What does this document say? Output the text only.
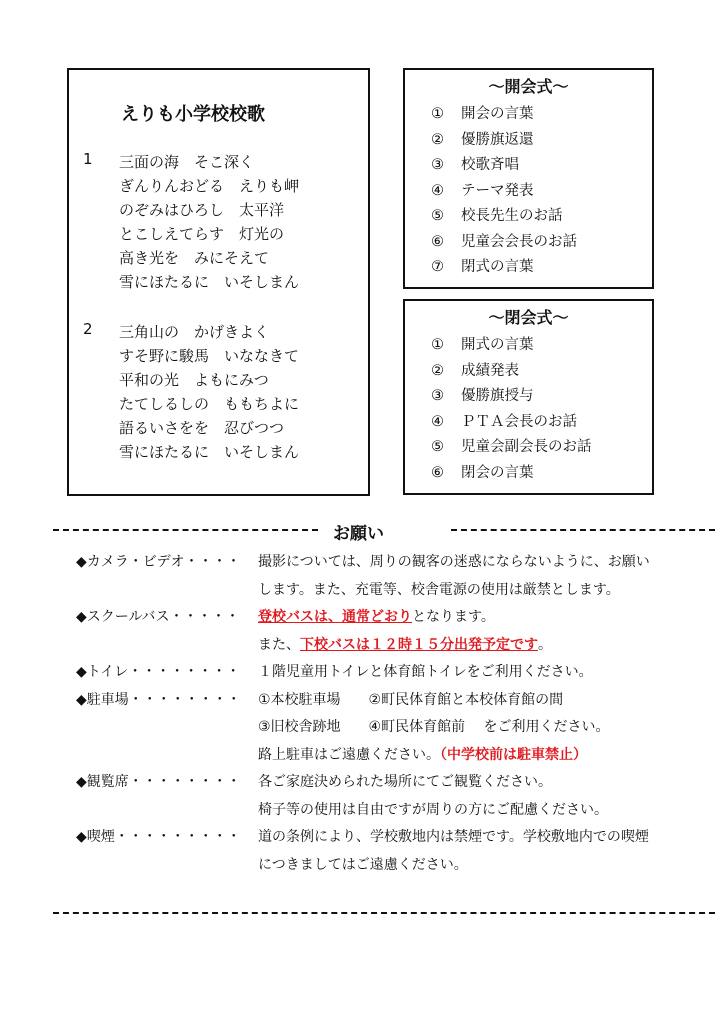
えりも小学校校歌
1 三面の海　そこ深く
ぎんりんおどる　えりも岬
のぞみはひろし　太平洋
とこしえてらす　灯光の
高き光を　みにそえて
雪にほたるに　いそしまん
2 三角山の　かげきよく
すそ野に駿馬　いななきて
平和の光　よもにみつ
たてしるしの　ももちよに
語るいさをを　忍びつつ
雪にほたるに　いそしまん
～開会式～
① 開会の言葉
② 優勝旗返還
③ 校歌斉唱
④ テーマ発表
⑤ 校長先生のお話
⑥ 児童会会長のお話
⑦ 閉式の言葉
～閉会式～
① 開式の言葉
② 成績発表
③ 優勝旗授与
④ ＰＴＡ会長のお話
⑤ 児童会副会長のお話
⑥ 閉会の言葉
お願い
◆カメラ・ビデオ・・・・ 撮影については、周りの観客の迷惑にならないように、お願い
します。また、充電等、校舎電源の使用は厳禁とします。
◆スクールバス・・・・・ 登校バスは、通常どおりとなります。
また、下校バスは１２時１５分出発予定です。
◆トイレ・・・・・・・・ １階児童用トイレと体育館トイレをご利用ください。
◆駐車場・・・・・・・・ ①本校駐車場　　②町民体育館と本校体育館の間
③旧校舎跡地　　④町民体育館前　 をご利用ください。
路上駐車はご遠慮ください。（中学校前は駐車禁止）
◆観覧席・・・・・・・・ 各ご家庭決められた場所にてご観覧ください。
椅子等の使用は自由ですが周りの方にご配慮ください。
◆喫煙・・・・・・・・・ 道の条例により、学校敷地内は禁煙です。学校敷地内での喫煙
につきましてはご遠慮ください。
